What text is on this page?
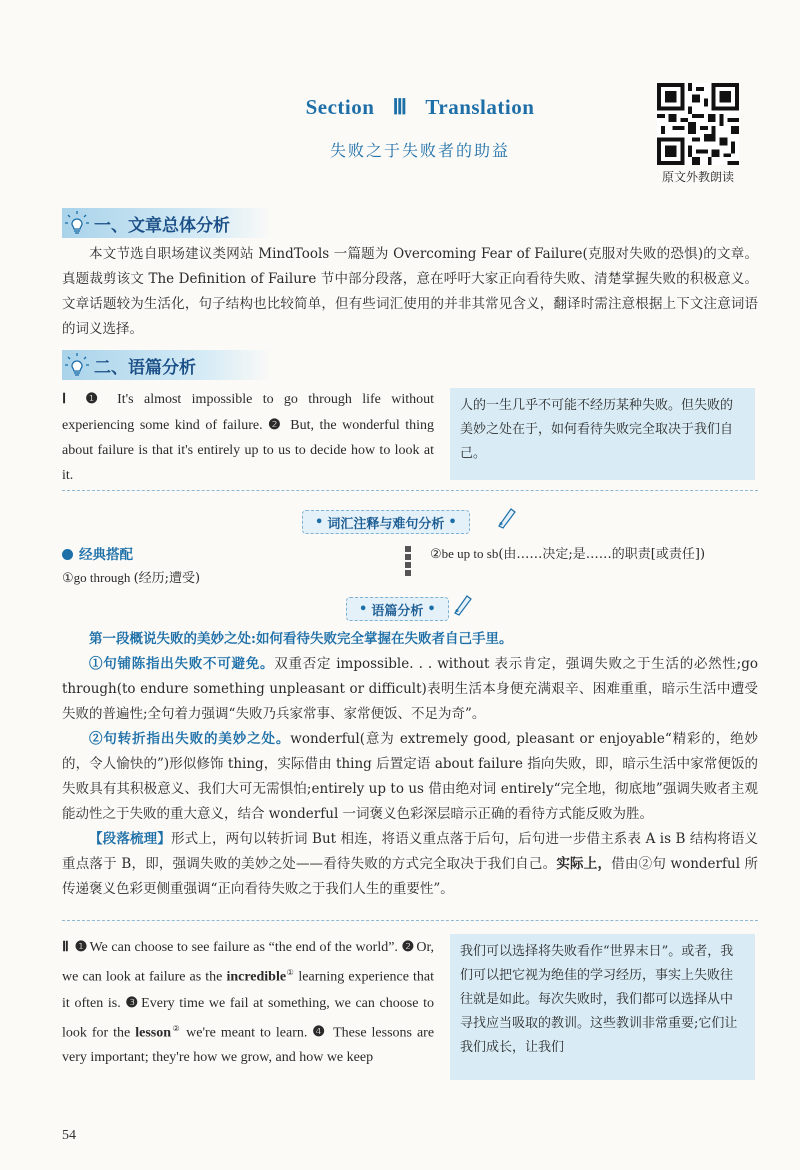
Section Ⅲ Translation
失败之于失败者的助益
原文外教朗读
一、文章总体分析

本文节选自职场建议类网站 MindTools 一篇题为 Overcoming Fear of Failure(克服对失败的恐惧)的文章。真题裁剪该文 The Definition of Failure 节中部分段落，意在呼吁大家正向看待失败、清楚掌握失败的积极意义。文章话题较为生活化，句子结构也比较简单，但有些词汇使用的并非其常见含义，翻译时需注意根据上下文注意词语的词义选择。

二、语篇分析
Ⅰ ❶ It's almost impossible to go through life without experiencing some kind of failure. ❷ But, the wonderful thing about failure is that it's entirely up to us to decide how to look at it.
人的一生几乎不可能不经历某种失败。但失败的美妙之处在于，如何看待失败完全取决于我们自己。
• 词汇注释与难句分析 •
经典搭配
①go through (经历;遭受)
②be up to sb(由……决定;是……的职责[或责任])
• 语篇分析 •

第一段概说失败的美妙之处:如何看待失败完全掌握在失败者自己手里。

①句铺陈指出失败不可避免。双重否定 impossible. . . without 表示肯定，强调失败之于生活的必然性;go through(to endure something unpleasant or difficult)表明生活本身便充满艰辛、困难重重，暗示生活中遭受失败的普遍性;全句着力强调“失败乃兵家常事、家常便饭、不足为奇”。

②句转折指出失败的美妙之处。wonderful(意为 extremely good, pleasant or enjoyable“精彩的，绝妙的，令人愉快的”)形似修饰 thing，实际借由 thing 后置定语 about failure 指向失败，即，暗示生活中家常便饭的失败具有其积极意义、我们大可无需惧怕;entirely up to us 借由绝对词 entirely“完全地，彻底地”强调失败者主观能动性之于失败的重大意义，结合 wonderful 一词褒义色彩深层暗示正确的看待方式能反败为胜。

【段落梳理】形式上，两句以转折词 But 相连，将语义重点落于后句，后句进一步借主系表 A is B 结构将语义重点落于 B，即，强调失败的美妙之处——看待失败的方式完全取决于我们自己。实际上，借由②句 wonderful 所传递褒义色彩更侧重强调“正向看待失败之于我们人生的重要性”。

Ⅱ ❶ We can choose to see failure as “the end of the world”. ❷ Or, we can look at failure as the incredible① learning experience that it often is. ❸ Every time we fail at something, we can choose to look for the lesson② we're meant to learn. ❹ These lessons are very important; they're how we grow, and how we keep
我们可以选择将失败看作“世界末日”。或者，我们可以把它视为绝佳的学习经历，事实上失败往往就是如此。每次失败时，我们都可以选择从中寻找应当吸取的教训。这些教训非常重要;它们让我们成长，让我们
54
